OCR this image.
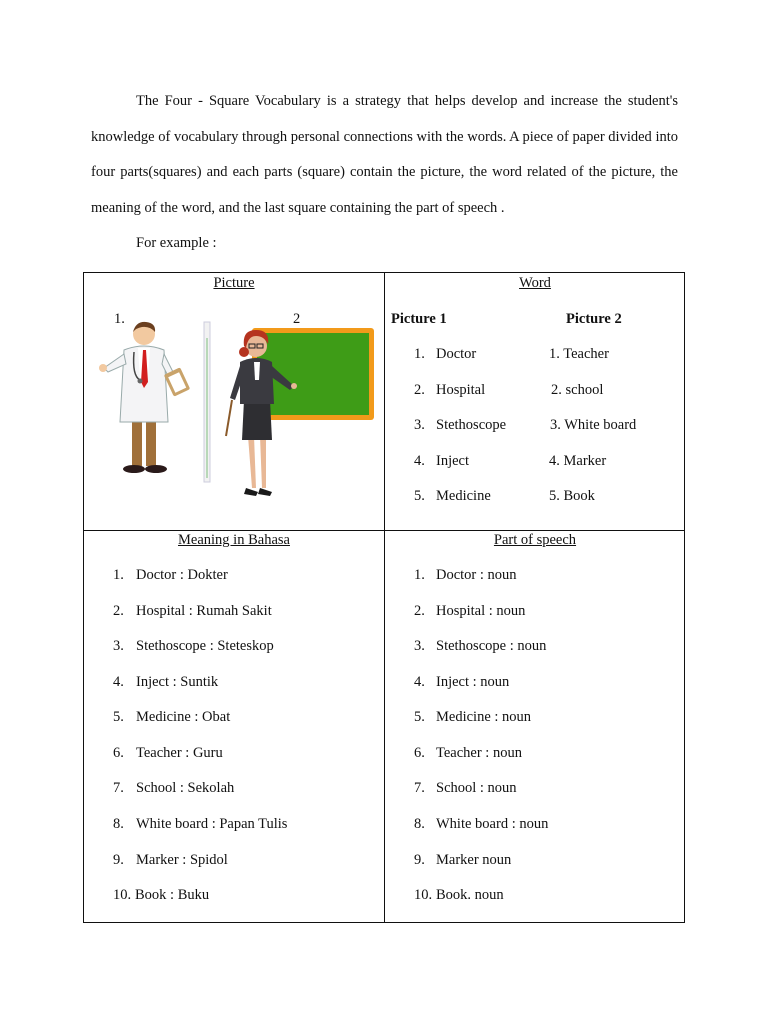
The Four - Square Vocabulary is a strategy that helps develop and increase the student's knowledge of vocabulary through personal connections with the words. A piece of paper divided into four parts(squares) and each parts (square) contain the picture, the word related of the picture, the meaning of the word, and the last square containing the part of speech .

For example :
Picture
1.	2
Word
Picture 1	Picture 2
1. Doctor
2. Hospital
3. Stethoscope
4. Inject
5. Medicine
1. Teacher
2. school
3. White board
4. Marker
5. Book
Meaning in Bahasa
1. Doctor : Dokter
2. Hospital : Rumah Sakit
3. Stethoscope : Steteskop
4. Inject : Suntik
5. Medicine : Obat
6. Teacher : Guru
7. School : Sekolah
8. White board : Papan Tulis
9. Marker : Spidol
10. Book : Buku
Part of speech
1. Doctor : noun
2. Hospital : noun
3. Stethoscope : noun
4. Inject : noun
5. Medicine : noun
6. Teacher : noun
7. School : noun
8. White board : noun
9. Marker noun
10. Book. noun
